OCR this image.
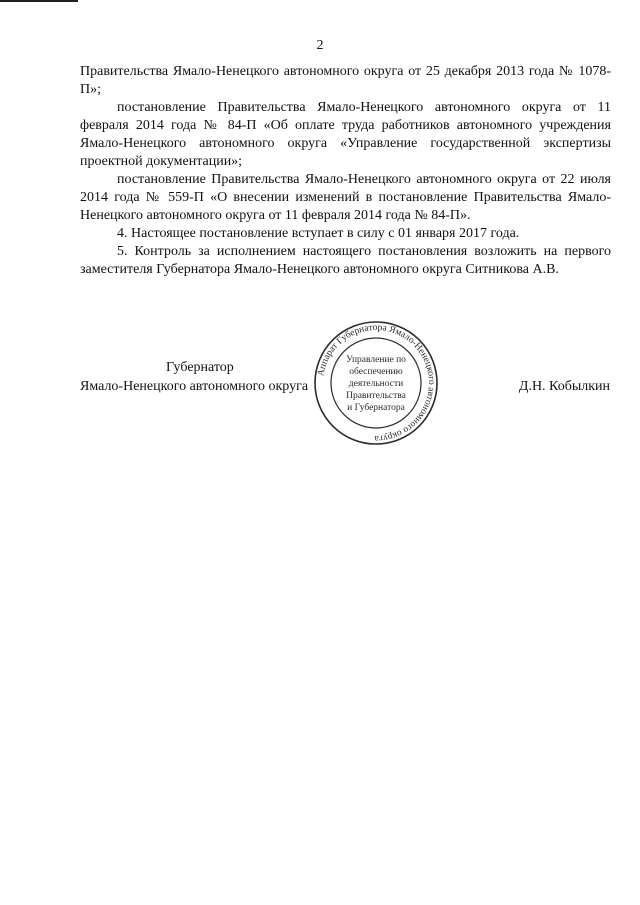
2

Правительства Ямало-Ненецкого автономного округа от 25 декабря 2013 года № 1078-П»;

постановление Правительства Ямало-Ненецкого автономного округа от 11 февраля 2014 года № 84-П «Об оплате труда работников автономного учреждения Ямало-Ненецкого автономного округа «Управление государственной экспертизы проектной документации»;

постановление Правительства Ямало-Ненецкого автономного округа от 22 июля 2014 года № 559-П «О внесении изменений в постановление Правительства Ямало-Ненецкого автономного округа от 11 февраля 2014 года № 84-П».

4. Настоящее постановление вступает в силу с 01 января 2017 года.

5. Контроль за исполнением настоящего постановления возложить на первого заместителя Губернатора Ямало-Ненецкого автономного округа Ситникова А.В.

Губернатор
Ямало-Ненецкого автономного округа	Д.Н. Кобылкин
Аппарат Губернатора Ямало-Ненецкого автономного округа
Управление по
обеспечению
деятельности
Правительства
и Губернатора
